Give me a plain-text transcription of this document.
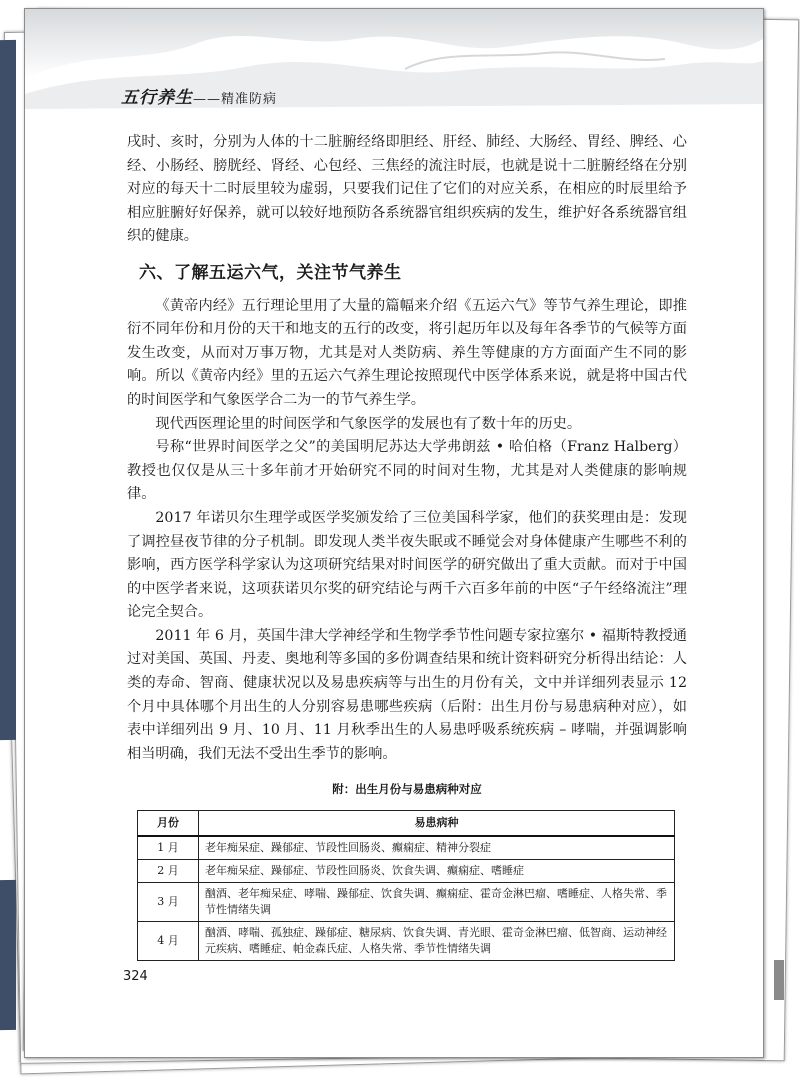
五行养生——精准防病

戌时、亥时，分别为人体的十二脏腑经络即胆经、肝经、肺经、大肠经、胃经、脾经、心经、小肠经、膀胱经、肾经、心包经、三焦经的流注时辰，也就是说十二脏腑经络在分别对应的每天十二时辰里较为虚弱，只要我们记住了它们的对应关系，在相应的时辰里给予相应脏腑好好保养，就可以较好地预防各系统器官组织疾病的发生，维护好各系统器官组织的健康。

六、了解五运六气，关注节气养生

《黄帝内经》五行理论里用了大量的篇幅来介绍《五运六气》等节气养生理论，即推衍不同年份和月份的天干和地支的五行的改变，将引起历年以及每年各季节的气候等方面发生改变，从而对万事万物，尤其是对人类防病、养生等健康的方方面面产生不同的影响。所以《黄帝内经》里的五运六气养生理论按照现代中医学体系来说，就是将中国古代的时间医学和气象医学合二为一的节气养生学。

现代西医理论里的时间医学和气象医学的发展也有了数十年的历史。

号称“世界时间医学之父”的美国明尼苏达大学弗朗兹 • 哈伯格（Franz Halberg）教授也仅仅是从三十多年前才开始研究不同的时间对生物，尤其是对人类健康的影响规律。

2017 年诺贝尔生理学或医学奖颁发给了三位美国科学家，他们的获奖理由是：发现了调控昼夜节律的分子机制。即发现人类半夜失眠或不睡觉会对身体健康产生哪些不利的影响，西方医学科学家认为这项研究结果对时间医学的研究做出了重大贡献。而对于中国的中医学者来说，这项获诺贝尔奖的研究结论与两千六百多年前的中医“子午经络流注”理论完全契合。

2011 年 6 月，英国牛津大学神经学和生物学季节性问题专家拉塞尔 • 福斯特教授通过对美国、英国、丹麦、奥地利等多国的多份调查结果和统计资料研究分析得出结论：人类的寿命、智商、健康状况以及易患疾病等与出生的月份有关，文中并详细列表显示 12 个月中具体哪个月出生的人分别容易患哪些疾病（后附：出生月份与易患病种对应），如表中详细列出 9 月、10 月、11 月秋季出生的人易患呼吸系统疾病 – 哮喘，并强调影响相当明确，我们无法不受出生季节的影响。

附：出生月份与易患病种对应
月份	易患病种
1 月	老年痴呆症、躁郁症、节段性回肠炎、癫痫症、精神分裂症
2 月	老年痴呆症、躁郁症、节段性回肠炎、饮食失调、癫痫症、嗜睡症
3 月	酗酒、老年痴呆症、哮喘、躁郁症、饮食失调、癫痫症、霍奇金淋巴瘤、嗜睡症、人格失常、季节性情绪失调
4 月	酗酒、哮喘、孤独症、躁郁症、糖尿病、饮食失调、青光眼、霍奇金淋巴瘤、低智商、运动神经元疾病、嗜睡症、帕金森氏症、人格失常、季节性情绪失调
324
